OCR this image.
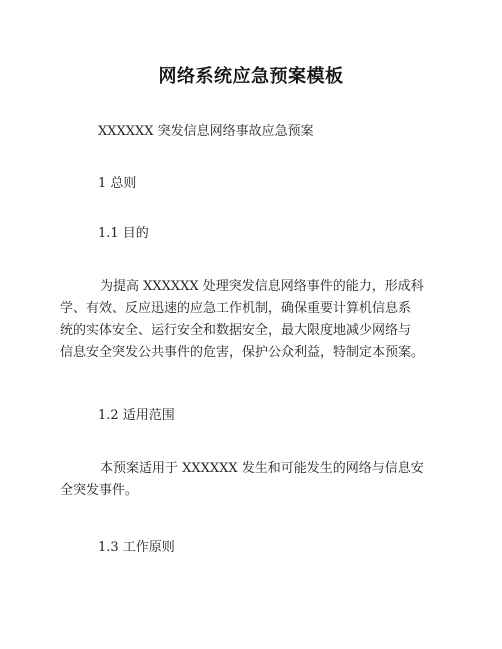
网络系统应急预案模板
XXXXXX 突发信息网络事故应急预案
1 总则
1.1 目的
为提高 XXXXXX 处理突发信息网络事件的能力，形成科
学、有效、反应迅速的应急工作机制，确保重要计算机信息系
统的实体安全、运行安全和数据安全，最大限度地减少网络与
信息安全突发公共事件的危害，保护公众利益，特制定本预案。
1.2 适用范围
本预案适用于 XXXXXX 发生和可能发生的网络与信息安
全突发事件。
1.3 工作原则
